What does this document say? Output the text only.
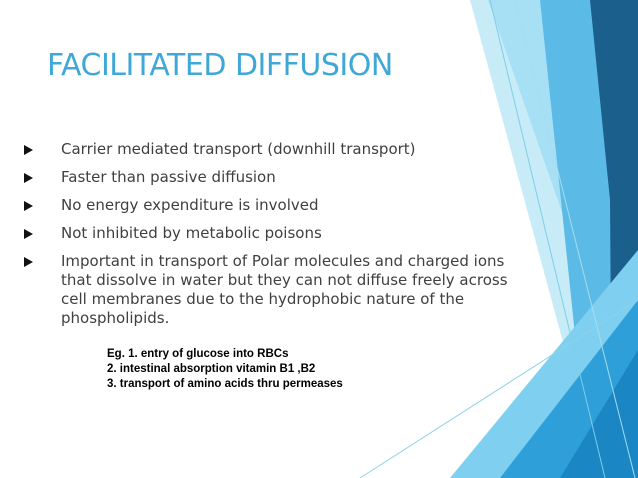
FACILITATED DIFFUSION
Carrier mediated transport (downhill transport)
Faster than passive diffusion
No energy expenditure is involved
Not inhibited by metabolic poisons
Important in transport of Polar molecules and charged ions that dissolve in water but they can not diffuse freely across cell membranes due to the hydrophobic nature of the phospholipids.
Eg. 1. entry of glucose into RBCs
2. intestinal absorption vitamin B1 ,B2
3. transport of amino acids thru permeases
